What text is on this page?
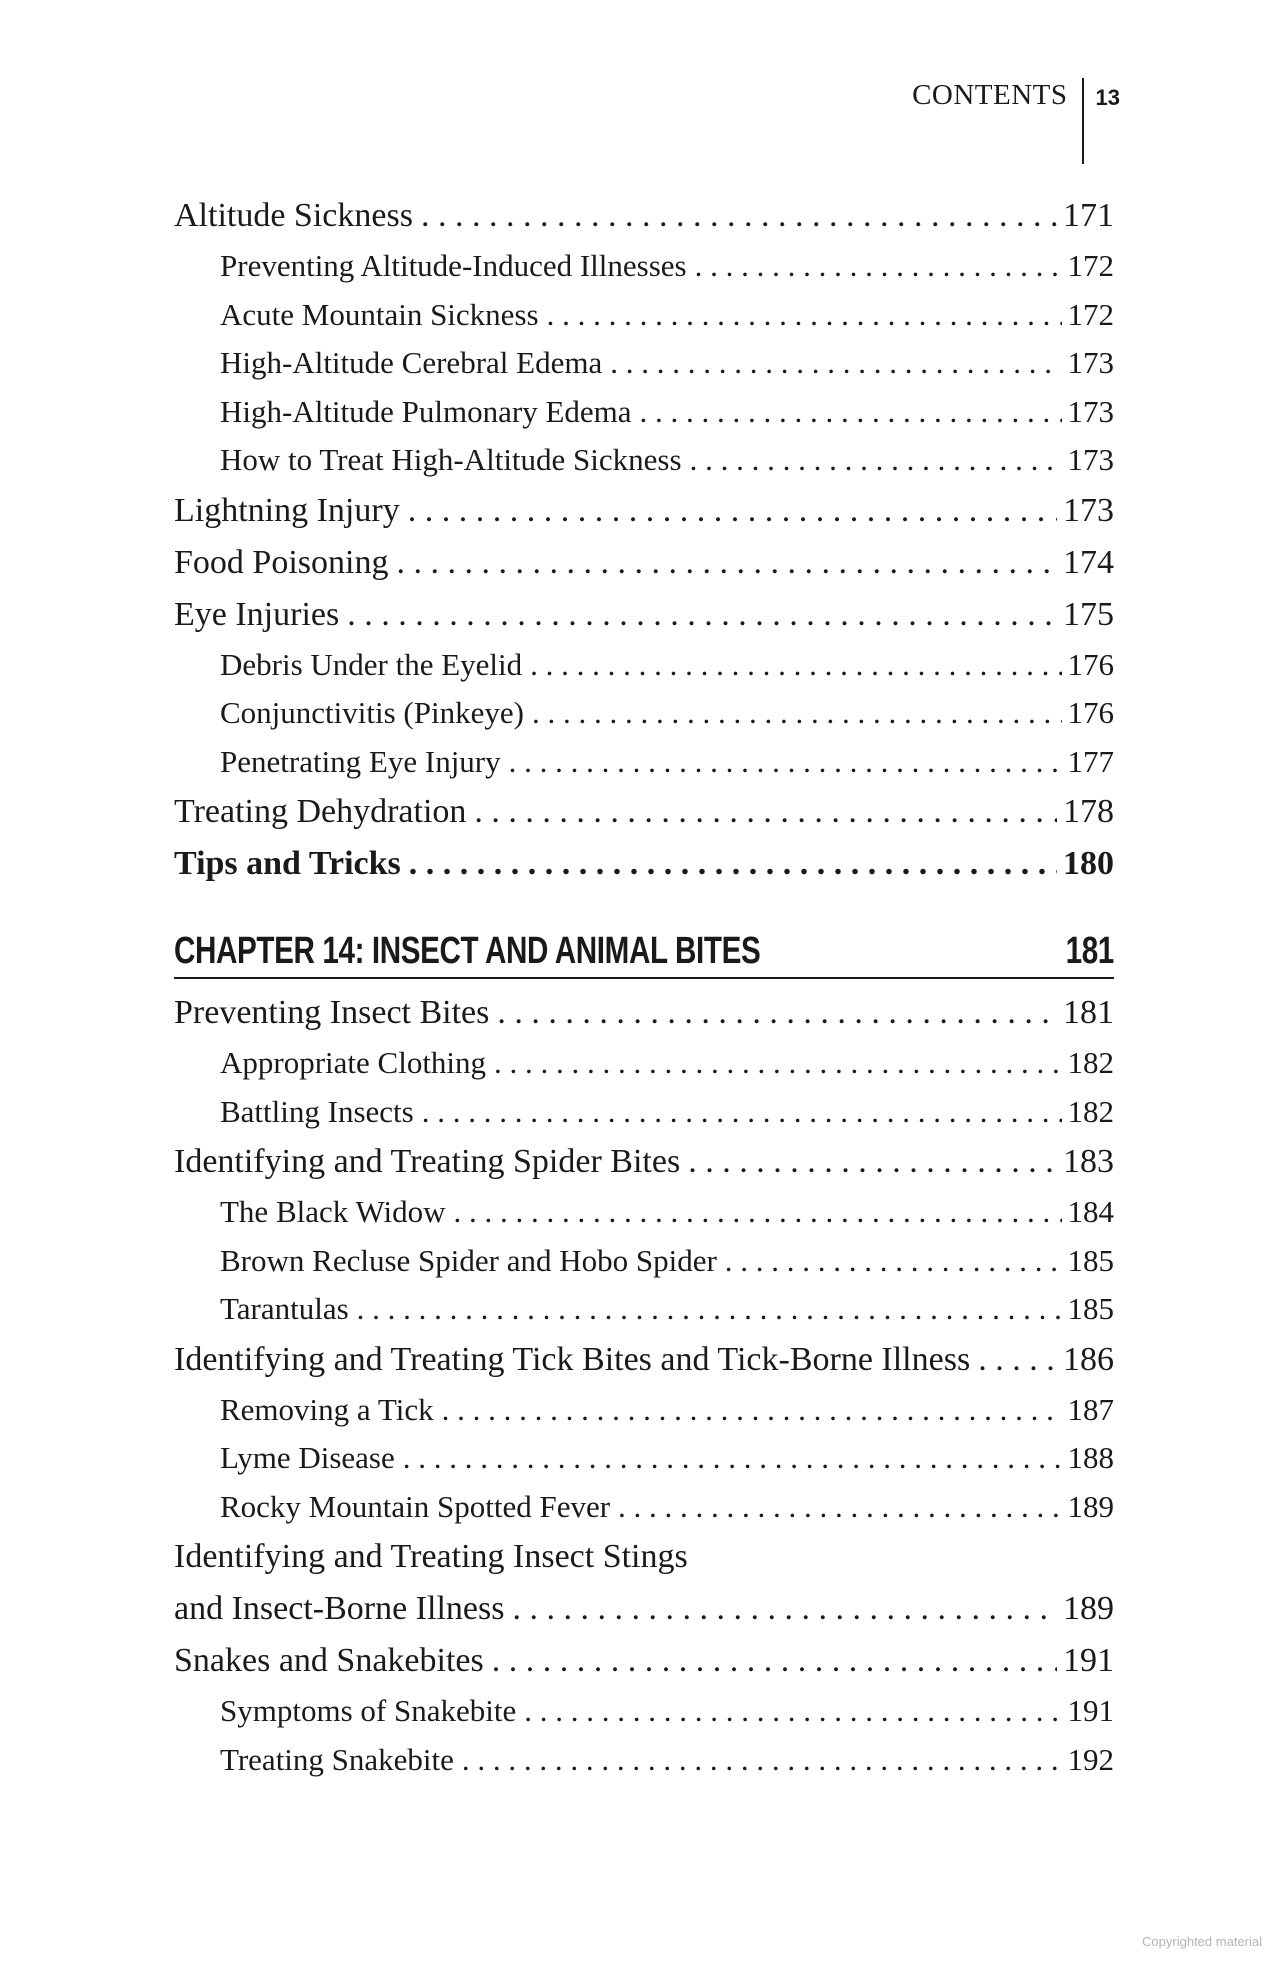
CONTENTS	13
Altitude Sickness . . .	171
Preventing Altitude-Induced Illnesses . . .	172
Acute Mountain Sickness . . .	172
High-Altitude Cerebral Edema . . .	173
High-Altitude Pulmonary Edema . . .	173
How to Treat High-Altitude Sickness . . .	173
Lightning Injury . . .	173
Food Poisoning . . .	174
Eye Injuries . . .	175
Debris Under the Eyelid . . .	176
Conjunctivitis (Pinkeye) . . .	176
Penetrating Eye Injury . . .	177
Treating Dehydration . . .	178
Tips and Tricks . . .	180
CHAPTER 14: INSECT AND ANIMAL BITES	181
Preventing Insect Bites . . .	181
Appropriate Clothing . . .	182
Battling Insects . . .	182
Identifying and Treating Spider Bites . . .	183
The Black Widow . . .	184
Brown Recluse Spider and Hobo Spider . . .	185
Tarantulas . . .	185
Identifying and Treating Tick Bites and Tick-Borne Illness . . .	186
Removing a Tick . . .	187
Lyme Disease . . .	188
Rocky Mountain Spotted Fever . . .	189
Identifying and Treating Insect Stings
and Insect-Borne Illness . . .	189
Snakes and Snakebites . . .	191
Symptoms of Snakebite . . .	191
Treating Snakebite . . .	192
Copyrighted material
